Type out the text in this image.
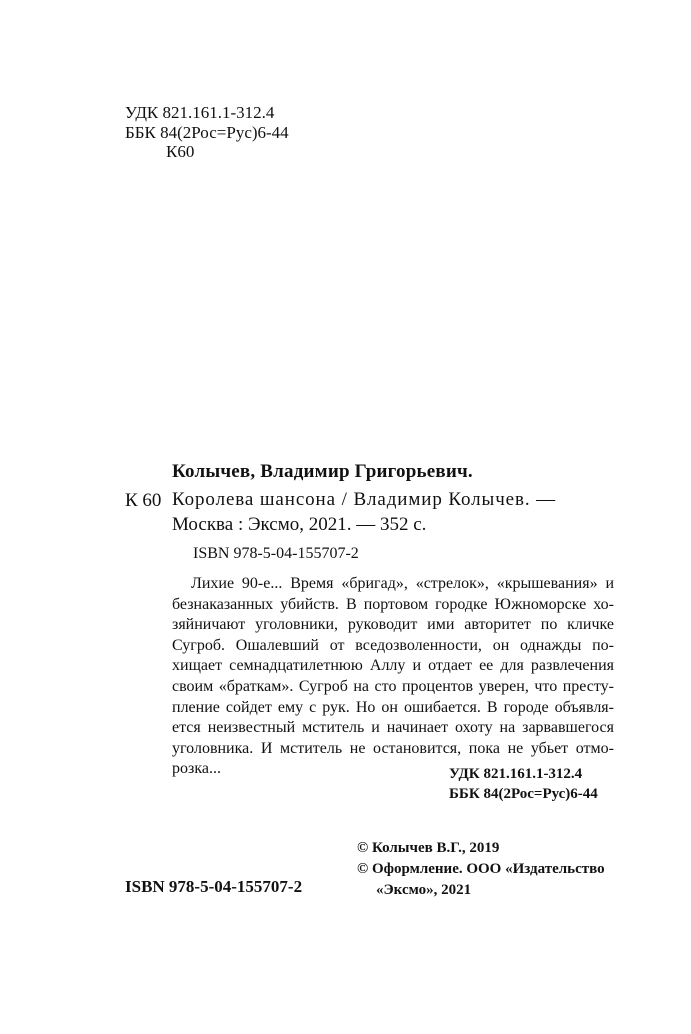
УДК 821.161.1-312.4
ББК 84(2Рос=Рус)6-44
К60
Колычев, Владимир Григорьевич.
К 60 Королева шансона / Владимир Колычев. —
Москва : Эксмо, 2021. — 352 с.
ISBN 978-5-04-155707-2
Лихие 90-е... Время «бригад», «стрелок», «крышевания» и
безнаказанных убийств. В портовом городке Южноморске хо-
зяйничают уголовники, руководит ими авторитет по кличке
Сугроб. Ошалевший от вседозволенности, он однажды по-
хищает семнадцатилетнюю Аллу и отдает ее для развлечения
своим «браткам». Сугроб на сто процентов уверен, что престу-
пление сойдет ему с рук. Но он ошибается. В городе объявля-
ется неизвестный мститель и начинает охоту на зарвавшегося
уголовника. И мститель не остановится, пока не убьет отмо-
розка...	УДК 821.161.1-312.4
ББК 84(2Рос=Рус)6-44
© Колычев В.Г., 2019
© Оформление. ООО «Издательство
«Эксмо», 2021
ISBN 978-5-04-155707-2
